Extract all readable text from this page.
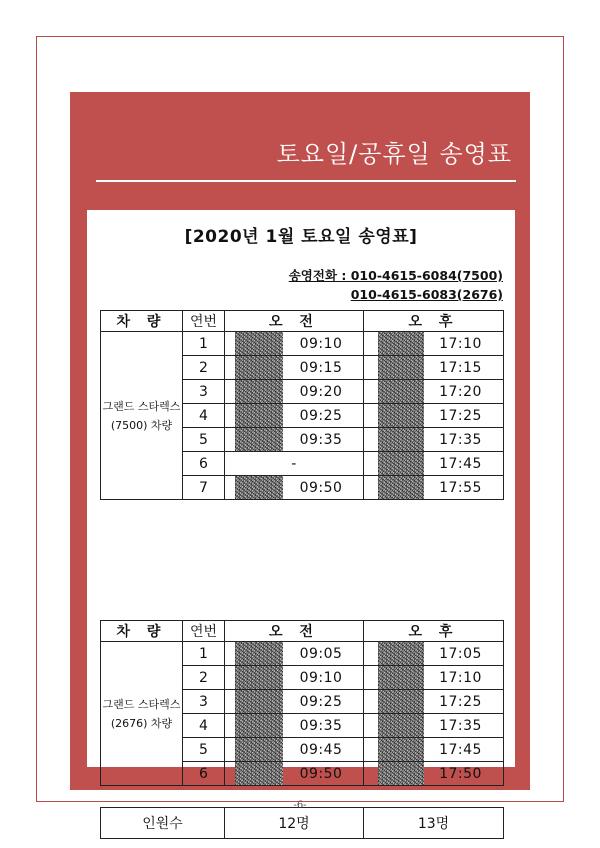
토요일/공휴일 송영표
[2020년 1월 토요일 송영표]
송영전화 : 010-4615-6084(7500)
010-4615-6083(2676)
차 량	연번	오 전	오 후
그랜드 스타렉스 (7500) 차량	1	09:10	17:10
	2	09:15	17:15
	3	09:20	17:20
	4	09:25	17:25
	5	09:35	17:35
	6	-	17:45
	7	09:50	17:55
차 량	연번	오 전	오 후
그랜드 스타렉스 (2676) 차량	1	09:05	17:05
	2	09:10	17:10
	3	09:25	17:25
	4	09:35	17:35
	5	09:45	17:45
	6	09:50	17:50
인원수	12명	13명
-6-
